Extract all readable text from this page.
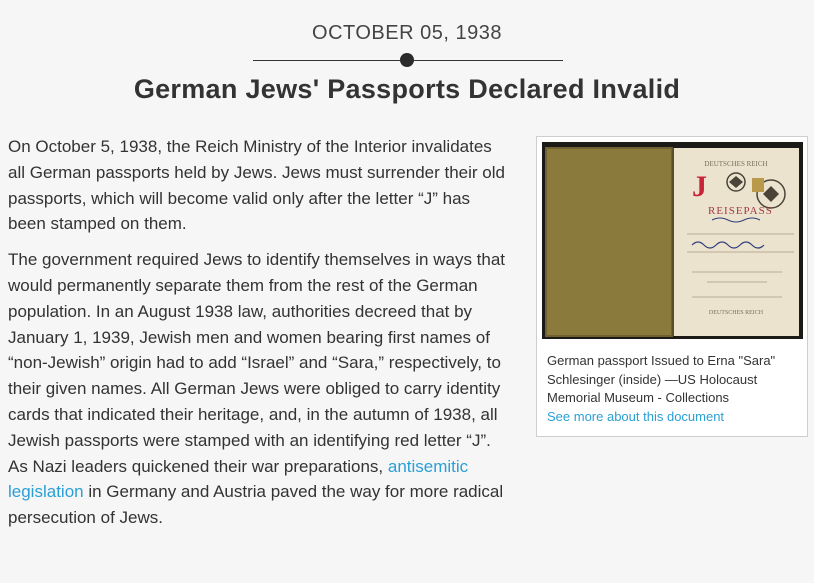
OCTOBER 05, 1938
German Jews' Passports Declared Invalid

On October 5, 1938, the Reich Ministry of the Interior invalidates all German passports held by Jews. Jews must surrender their old passports, which will become valid only after the letter “J” has been stamped on them.

The government required Jews to identify themselves in ways that would permanently separate them from the rest of the German population. In an August 1938 law, authorities decreed that by January 1, 1939, Jewish men and women bearing first names of “non-Jewish” origin had to add “Israel” and “Sara,” respectively, to their given names. All German Jews were obliged to carry identity cards that indicated their heritage, and, in the autumn of 1938, all Jewish passports were stamped with an identifying red letter “J”. As Nazi leaders quickened their war preparations, antisemitic legislation in Germany and Austria paved the way for more radical persecution of Jews.

DEUTSCHES REICH
J
REISEPASS
DEUTSCHES REICH
German passport Issued to Erna "Sara" Schlesinger (inside) —US Holocaust Memorial Museum - Collections
See more about this document
